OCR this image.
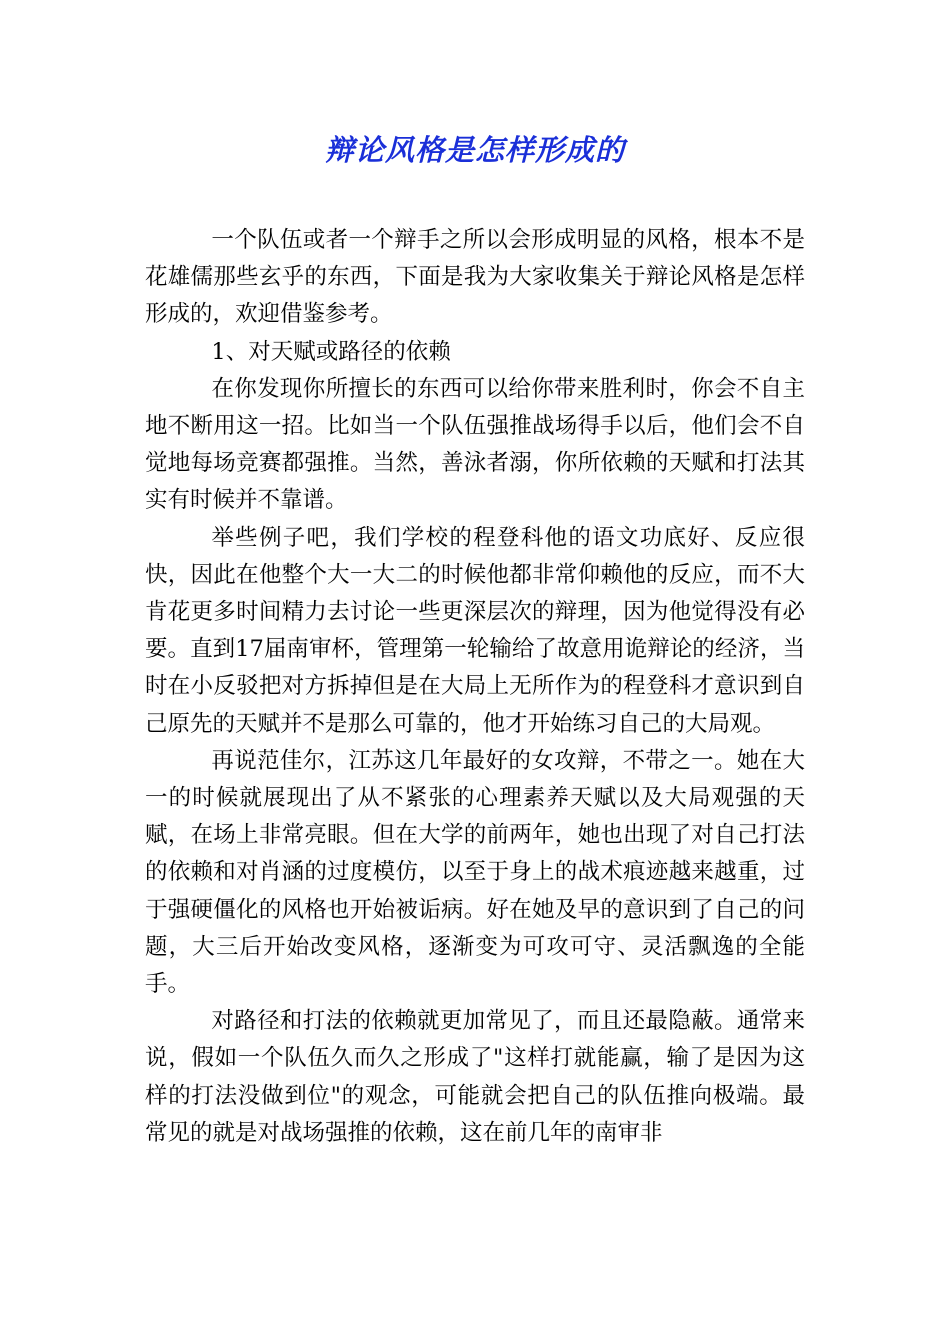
辩论风格是怎样形成的

一个队伍或者一个辩手之所以会形成明显的风格，根本不是花雄儒那些玄乎的东西，下面是我为大家收集关于辩论风格是怎样形成的，欢迎借鉴参考。

1、对天赋或路径的依赖

在你发现你所擅长的东西可以给你带来胜利时，你会不自主地不断用这一招。比如当一个队伍强推战场得手以后，他们会不自觉地每场竞赛都强推。当然，善泳者溺，你所依赖的天赋和打法其实有时候并不靠谱。

举些例子吧，我们学校的程登科他的语文功底好、反应很快，因此在他整个大一大二的时候他都非常仰赖他的反应，而不大肯花更多时间精力去讨论一些更深层次的辩理，因为他觉得没有必要。直到17届南审杯，管理第一轮输给了故意用诡辩论的经济，当时在小反驳把对方拆掉但是在大局上无所作为的程登科才意识到自己原先的天赋并不是那么可靠的，他才开始练习自己的大局观。

再说范佳尔，江苏这几年最好的女攻辩，不带之一。她在大一的时候就展现出了从不紧张的心理素养天赋以及大局观强的天赋，在场上非常亮眼。但在大学的前两年，她也出现了对自己打法的依赖和对肖涵的过度模仿，以至于身上的战术痕迹越来越重，过于强硬僵化的风格也开始被诟病。好在她及早的意识到了自己的问题，大三后开始改变风格，逐渐变为可攻可守、灵活飘逸的全能手。

对路径和打法的依赖就更加常见了，而且还最隐蔽。通常来说，假如一个队伍久而久之形成了"这样打就能赢，输了是因为这样的打法没做到位"的观念，可能就会把自己的队伍推向极端。最常见的就是对战场强推的依赖，这在前几年的南审非
